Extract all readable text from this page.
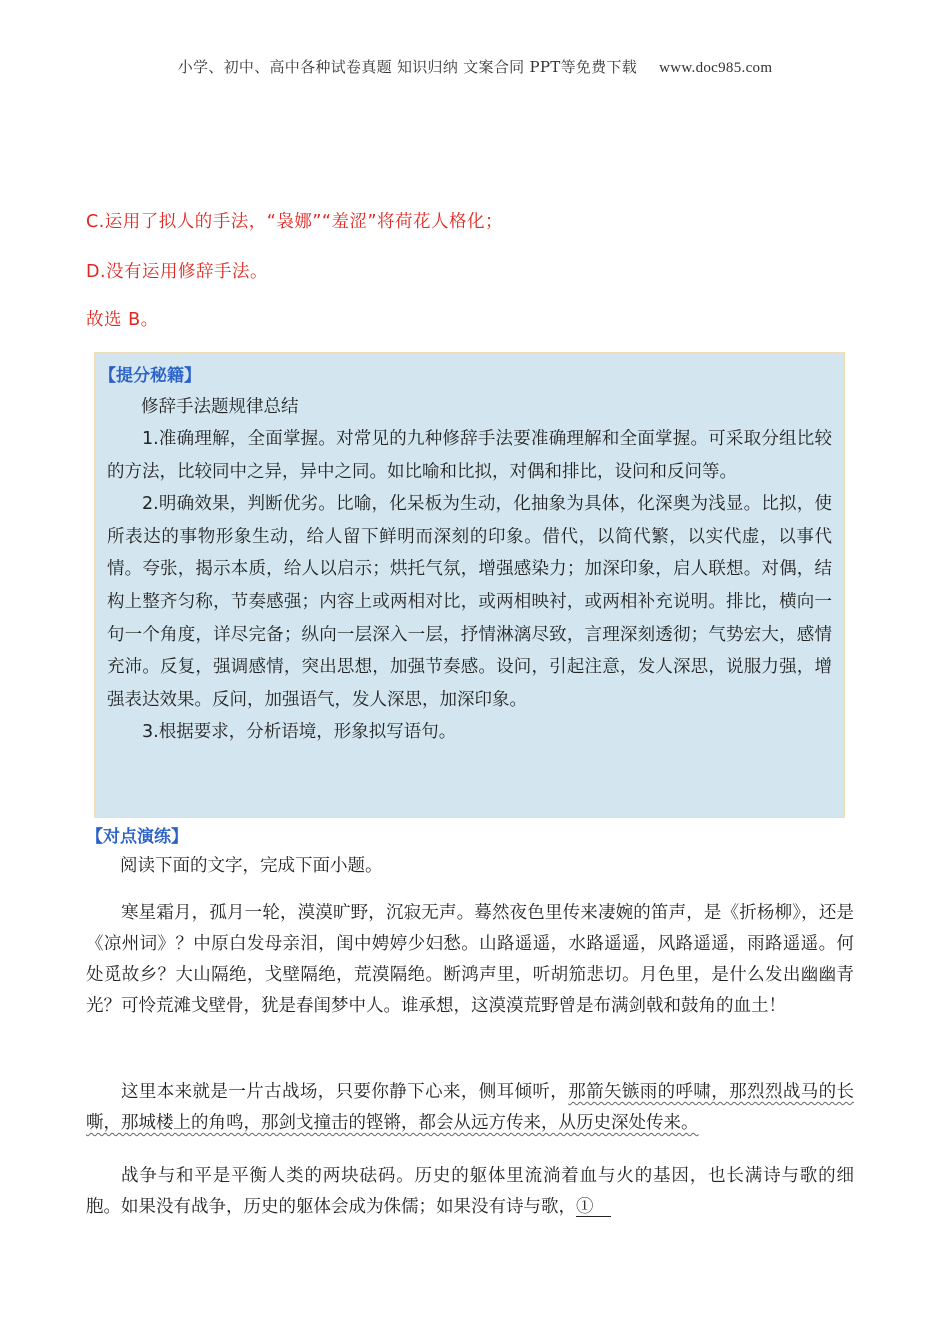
小学、初中、高中各种试卷真题 知识归纳 文案合同 PPT等免费下载 www.doc985.com
C.运用了拟人的手法，“袅娜”“羞涩”将荷花人格化；
D.没有运用修辞手法。
故选 B。
【提分秘籍】
修辞手法题规律总结
1.准确理解，全面掌握。对常见的九种修辞手法要准确理解和全面掌握。可采取分组比较的方法，比较同中之异，异中之同。如比喻和比拟，对偶和排比，设问和反问等。
2.明确效果，判断优劣。比喻，化呆板为生动，化抽象为具体，化深奥为浅显。比拟，使所表达的事物形象生动，给人留下鲜明而深刻的印象。借代，以简代繁，以实代虚，以事代情。夸张，揭示本质，给人以启示；烘托气氛，增强感染力；加深印象，启人联想。对偶，结构上整齐匀称，节奏感强；内容上或两相对比，或两相映衬，或两相补充说明。排比，横向一句一个角度，详尽完备；纵向一层深入一层，抒情淋漓尽致，言理深刻透彻；气势宏大，感情充沛。反复，强调感情，突出思想，加强节奏感。设问，引起注意，发人深思，说服力强，增强表达效果。反问，加强语气，发人深思，加深印象。
3.根据要求，分析语境，形象拟写语句。
【对点演练】
阅读下面的文字，完成下面小题。
寒星霜月，孤月一轮，漠漠旷野，沉寂无声。蓦然夜色里传来凄婉的笛声，是《折杨柳》，还是《凉州词》？中原白发母亲泪，闺中娉婷少妇愁。山路遥遥，水路遥遥，风路遥遥，雨路遥遥。何处觅故乡？大山隔绝，戈壁隔绝，荒漠隔绝。断鸿声里，听胡笳悲切。月色里，是什么发出幽幽青光？可怜荒滩戈壁骨，犹是春闺梦中人。谁承想，这漠漠荒野曾是布满剑戟和鼓角的血土！
这里本来就是一片古战场，只要你静下心来，侧耳倾听，那箭矢镞雨的呼啸，那烈烈战马的长嘶，那城楼上的角鸣，那剑戈撞击的铿锵，都会从远方传来，从历史深处传来。
战争与和平是平衡人类的两块砝码。历史的躯体里流淌着血与火的基因，也长满诗与歌的细胞。如果没有战争，历史的躯体会成为侏儒；如果没有诗与歌，①　
